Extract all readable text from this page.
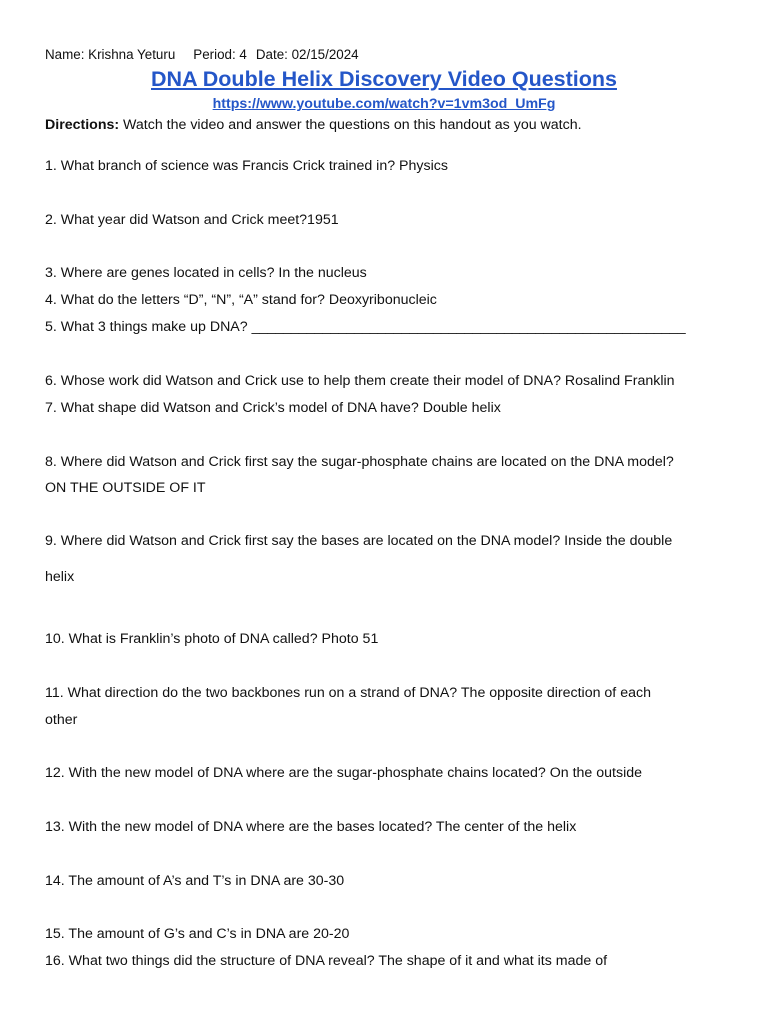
Name: Krishna Yeturu Period: 4 Date: 02/15/2024
DNA Double Helix Discovery Video Questions
https://www.youtube.com/watch?v=1vm3od_UmFg
Directions: Watch the video and answer the questions on this handout as you watch.
1. What branch of science was Francis Crick trained in? Physics
2. What year did Watson and Crick meet?1951
3. Where are genes located in cells? In the nucleus
4. What do the letters “D”, “N”, “A” stand for? Deoxyribonucleic
5. What 3 things make up DNA? _______________________________________________________
6. Whose work did Watson and Crick use to help them create their model of DNA? Rosalind Franklin
7. What shape did Watson and Crick’s model of DNA have? Double helix
8. Where did Watson and Crick first say the sugar-phosphate chains are located on the DNA model?
ON THE OUTSIDE OF IT
9. Where did Watson and Crick first say the bases are located on the DNA model? Inside the double
helix
10. What is Franklin’s photo of DNA called? Photo 51
11. What direction do the two backbones run on a strand of DNA? The opposite direction of each
other
12. With the new model of DNA where are the sugar-phosphate chains located? On the outside
13. With the new model of DNA where are the bases located? The center of the helix
14. The amount of A’s and T’s in DNA are 30-30
15. The amount of G’s and C’s in DNA are 20-20
16. What two things did the structure of DNA reveal? The shape of it and what its made of
